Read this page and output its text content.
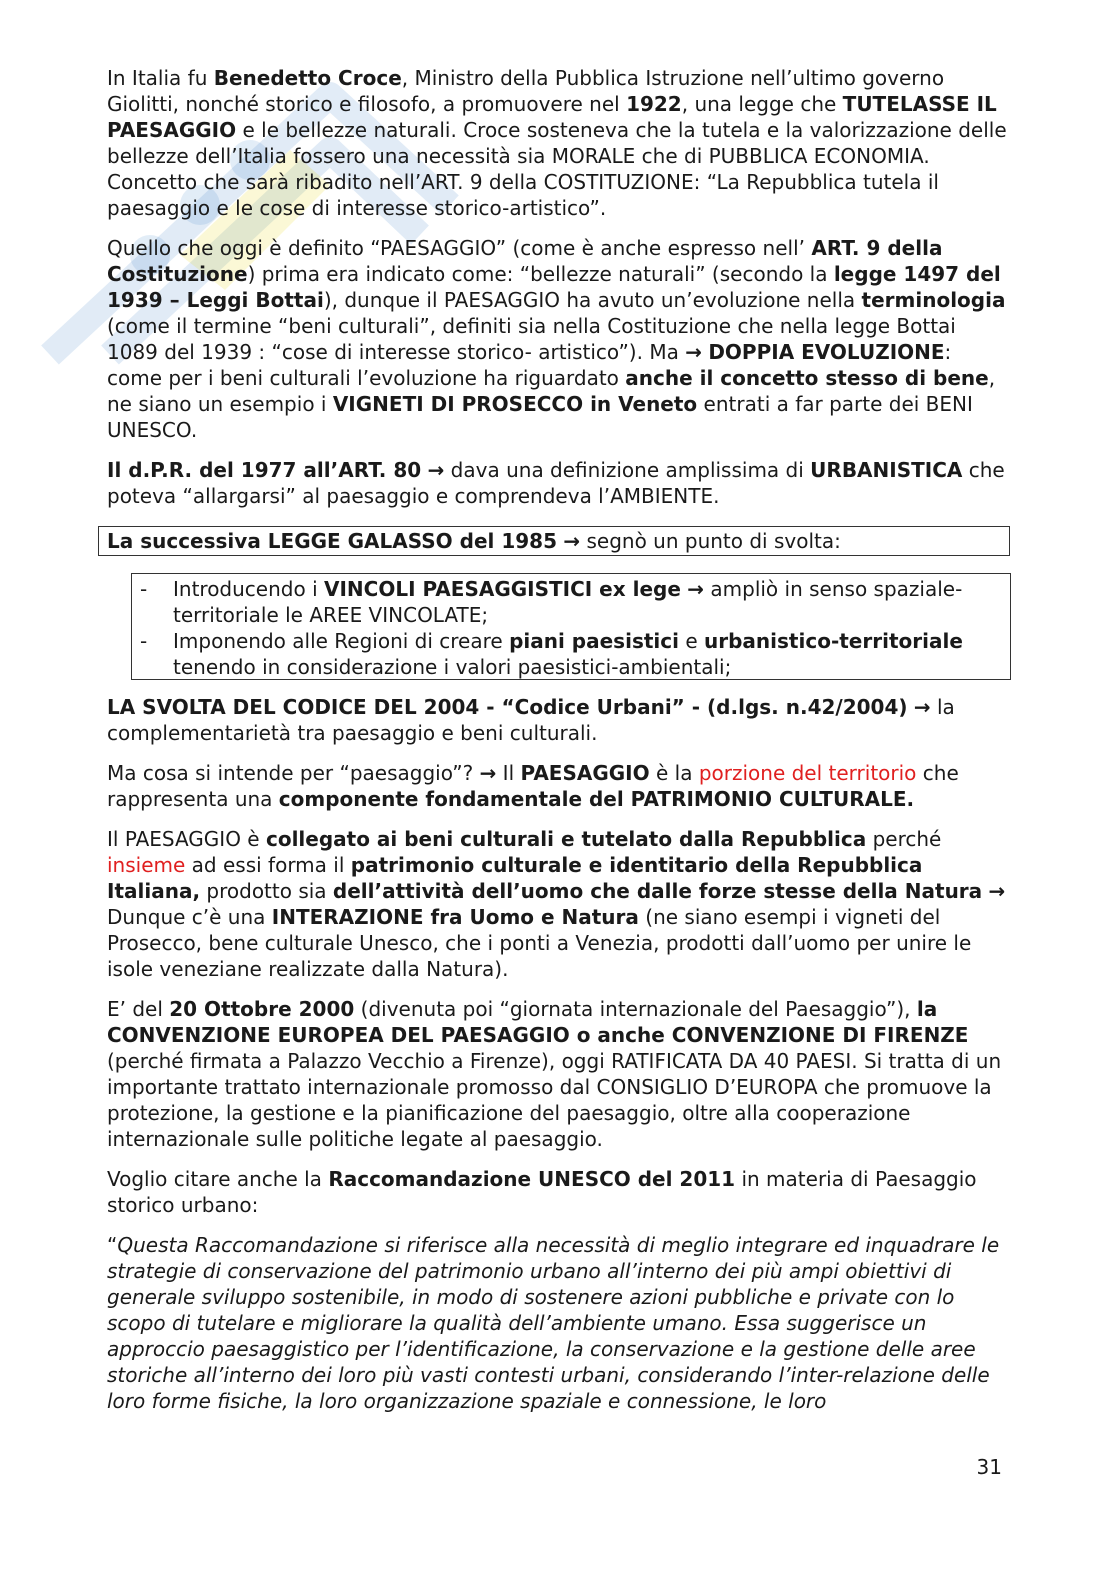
In Italia fu Benedetto Croce, Ministro della Pubblica Istruzione nell’ultimo governo Giolitti, nonché storico e filosofo, a promuovere nel 1922, una legge che TUTELASSE IL PAESAGGIO e le bellezze naturali. Croce sosteneva che la tutela e la valorizzazione delle bellezze dell’Italia fossero una necessità sia MORALE che di PUBBLICA ECONOMIA. Concetto che sarà ribadito nell’ART. 9 della COSTITUZIONE: “La Repubblica tutela il paesaggio e le cose di interesse storico-artistico”.

Quello che oggi è definito “PAESAGGIO” (come è anche espresso nell’ ART. 9 della Costituzione) prima era indicato come: “bellezze naturali” (secondo la legge 1497 del 1939 – Leggi Bottai), dunque il PAESAGGIO ha avuto un’evoluzione nella terminologia (come il termine “beni culturali”, definiti sia nella Costituzione che nella legge Bottai 1089 del 1939 : “cose di interesse storico- artistico”). Ma → DOPPIA EVOLUZIONE: come per i beni culturali l’evoluzione ha riguardato anche il concetto stesso di bene, ne siano un esempio i VIGNETI DI PROSECCO in Veneto entrati a far parte dei BENI UNESCO.

Il d.P.R. del 1977 all’ART. 80 → dava una definizione amplissima di URBANISTICA che poteva “allargarsi” al paesaggio e comprendeva l’AMBIENTE.

La successiva LEGGE GALASSO del 1985 → segnò un punto di svolta:
- Introducendo i VINCOLI PAESAGGISTICI ex lege → ampliò in senso spaziale-territoriale le AREE VINCOLATE;
- Imponendo alle Regioni di creare piani paesistici e urbanistico-territoriale tenendo in considerazione i valori paesistici-ambientali;

LA SVOLTA DEL CODICE DEL 2004 - “Codice Urbani” - (d.lgs. n.42/2004) → la complementarietà tra paesaggio e beni culturali.

Ma cosa si intende per “paesaggio”? → Il PAESAGGIO è la porzione del territorio che rappresenta una componente fondamentale del PATRIMONIO CULTURALE.

Il PAESAGGIO è collegato ai beni culturali e tutelato dalla Repubblica perché insieme ad essi forma il patrimonio culturale e identitario della Repubblica Italiana, prodotto sia dell’attività dell’uomo che dalle forze stesse della Natura → Dunque c’è una INTERAZIONE fra Uomo e Natura (ne siano esempi i vigneti del Prosecco, bene culturale Unesco, che i ponti a Venezia, prodotti dall’uomo per unire le isole veneziane realizzate dalla Natura).

E’ del 20 Ottobre 2000 (divenuta poi “giornata internazionale del Paesaggio”), la CONVENZIONE EUROPEA DEL PAESAGGIO o anche CONVENZIONE DI FIRENZE (perché firmata a Palazzo Vecchio a Firenze), oggi RATIFICATA DA 40 PAESI. Si tratta di un importante trattato internazionale promosso dal CONSIGLIO D’EUROPA che promuove la protezione, la gestione e la pianificazione del paesaggio, oltre alla cooperazione internazionale sulle politiche legate al paesaggio.

Voglio citare anche la Raccomandazione UNESCO del 2011 in materia di Paesaggio storico urbano:

“Questa Raccomandazione si riferisce alla necessità di meglio integrare ed inquadrare le strategie di conservazione del patrimonio urbano all’interno dei più ampi obiettivi di generale sviluppo sostenibile, in modo di sostenere azioni pubbliche e private con lo scopo di tutelare e migliorare la qualità dell’ambiente umano. Essa suggerisce un approccio paesaggistico per l’identificazione, la conservazione e la gestione delle aree storiche all’interno dei loro più vasti contesti urbani, considerando l’inter-relazione delle loro forme fisiche, la loro organizzazione spaziale e connessione, le loro

31
